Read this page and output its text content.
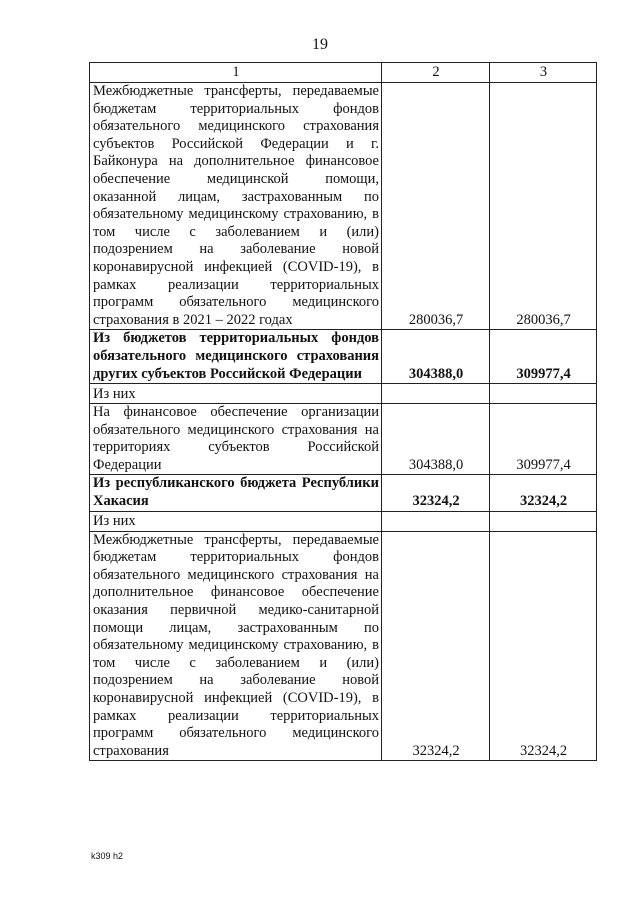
19
1	2	3
Межбюджетные трансферты, передаваемые бюджетам территориальных фондов обязательного медицинского страхования субъектов Российской Федерации и г. Байконура на дополнительное финансовое обеспечение медицинской помощи, оказанной лицам, застрахованным по обязательному медицинскому страхованию, в том числе с заболеванием и (или) подозрением на заболевание новой коронавирусной инфекцией (COVID-19), в рамках реализации территориальных программ обязательного медицинского страхования в 2021 – 2022 годах	280036,7	280036,7
Из бюджетов территориальных фондов обязательного медицинского страхования других субъектов Российской Федерации	304388,0	309977,4
Из них		
На финансовое обеспечение организации обязательного медицинского страхования на территориях субъектов Российской Федерации	304388,0	309977,4
Из республиканского бюджета Республики Хакасия	32324,2	32324,2
Из них		
Межбюджетные трансферты, передаваемые бюджетам территориальных фондов обязательного медицинского страхования на дополнительное финансовое обеспечение оказания первичной медико-санитарной помощи лицам, застрахованным по обязательному медицинскому страхованию, в том числе с заболеванием и (или) подозрением на заболевание новой коронавирусной инфекцией (COVID-19), в рамках реализации территориальных программ обязательного медицинского страхования	32324,2	32324,2
k309 h2
